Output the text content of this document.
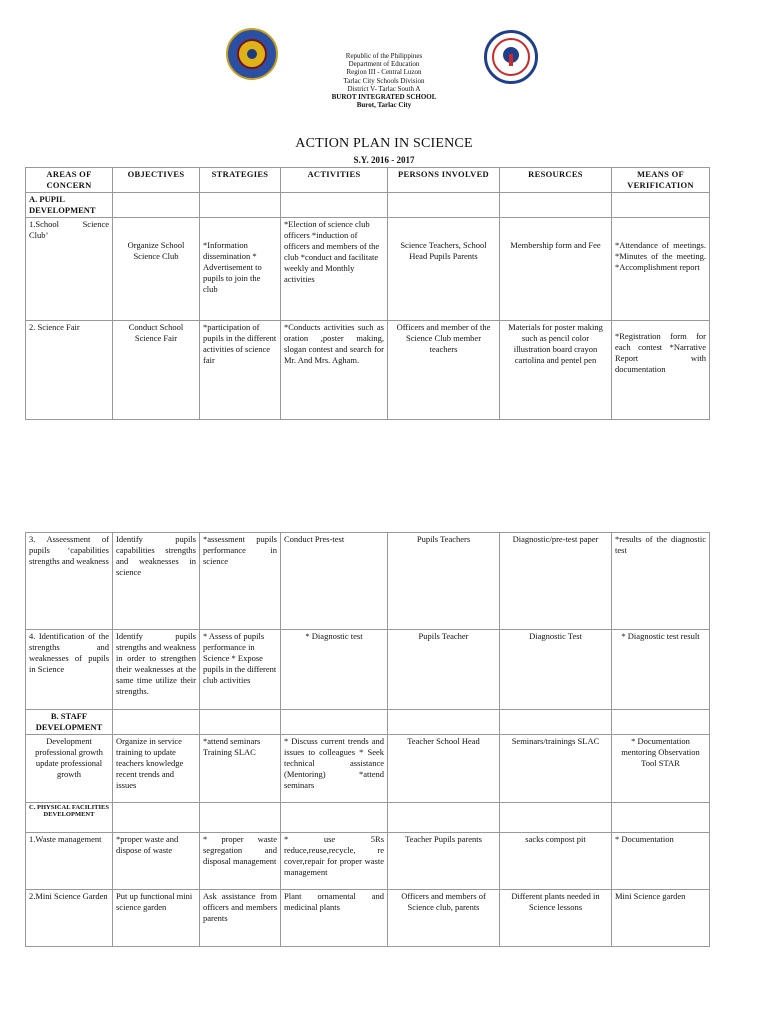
Republic of the Philippines
Department of Education
Region III - Central Luzon
Tarlac City Schools Division
District V- Tarlac South A
BUROT INTEGRATED SCHOOL
Burot, Tarlac City
ACTION PLAN IN SCIENCE
S.Y. 2016 - 2017
AREAS OF CONCERN	OBJECTIVES	STRATEGIES	ACTIVITIES	PERSONS INVOLVED	RESOURCES	MEANS OF VERIFICATION
A. PUPIL DEVELOPMENT						
1.School Science Club’	Organize School Science Club	*Information dissemination * Advertisement to pupils to join the club	*Election of science club officers *induction of officers and members of the club *conduct and facilitate weekly and Monthly activities	Science Teachers, School Head Pupils Parents	Membership form and Fee	*Attendance of meetings. *Minutes of the meeting. *Accomplishment report
2. Science Fair	Conduct School Science Fair	*participation of pupils in the different activities of science fair	*Conducts activities such as oration ,poster making, slogan contest and search for Mr. And Mrs. Agham.	Officers and member of the Science Club member teachers	Materials for poster making such as pencil color illustration board crayon cartolina and pentel pen	*Registration form for each contest *Narrative Report with documentation
3. Asseessment of pupils ‘capabilities strengths and weakness	Identify pupils capabilities strengths and weaknesses in science	*assessment pupils performance in science	Conduct Pres-test	Pupils Teachers	Diagnostic/pre-test paper	*results of the diagnostic test
4. Identification of the strengths and weaknesses of pupils in Science	Identify pupils strengths and weakness in order to strengthen their weaknesses at the same time utilize their strengths.	* Assess of pupils performance in Science * Expose pupils in the different club activities	* Diagnostic test	Pupils Teacher	Diagnostic Test	* Diagnostic test result
B. STAFF DEVELOPMENT						
Development professional growth update professional growth	Organize in service training to update teachers knowledge recent trends and issues	*attend seminars Training SLAC	* Discuss current trends and issues to colleagues * Seek technical assistance (Mentoring) *attend seminars	Teacher School Head	Seminars/trainings SLAC	* Documentation mentoring Observation Tool STAR
C. PHYSICAL FACILITIES DEVELOPMENT						
1.Waste management	*proper waste and dispose of waste	* proper waste segregation and disposal management	* use 5Rs reduce,reuse,recycle, re cover,repair for proper waste management	Teacher Pupils parents	sacks compost pit	* Documentation
2.Mini Science Garden	Put up functional mini science garden	Ask assistance from officers and members parents	Plant ornamental and medicinal plants	Officers and members of Science club, parents	Different plants needed in Science lessons	Mini Science garden
